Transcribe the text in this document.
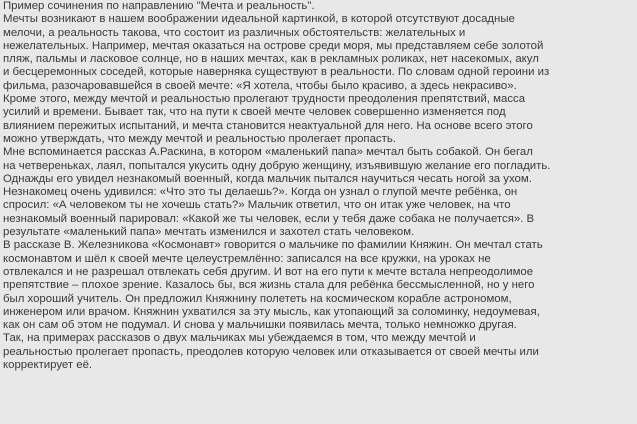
Пример сочинения по направлению "Мечта и реальность".
Мечты возникают в нашем воображении идеальной картинкой, в которой отсутствуют досадные
мелочи, а реальность такова, что состоит из различных обстоятельств: желательных и
нежелательных. Например, мечтая оказаться на острове среди моря, мы представляем себе золотой
пляж, пальмы и ласковое солнце, но в наших мечтах, как в рекламных роликах, нет насекомых, акул
и бесцеремонных соседей, которые наверняка существуют в реальности. По словам одной героини из
фильма, разочаровавшейся в своей мечте: «Я хотела, чтобы было красиво, а здесь некрасиво».
Кроме этого, между мечтой и реальностью пролегают трудности преодоления препятствий, масса
усилий и времени. Бывает так, что на пути к своей мечте человек совершенно изменяется под
влиянием пережитых испытаний, и мечта становится неактуальной для него. На основе всего этого
можно утверждать, что между мечтой и реальностью пролегает пропасть.
Мне вспоминается рассказ А.Раскина, в котором «маленький папа» мечтал быть собакой. Он бегал
на четвереньках, лаял, попытался укусить одну добрую женщину, изъявившую желание его погладить.
Однажды его увидел незнакомый военный, когда мальчик пытался научиться чесать ногой за ухом.
Незнакомец очень удивился: «Что это ты делаешь?». Когда он узнал о глупой мечте ребёнка, он
спросил: «А человеком ты не хочешь стать?» Мальчик ответил, что он итак уже человек, на что
незнакомый военный парировал: «Какой же ты человек, если у тебя даже собака не получается». В
результате «маленький папа» мечтать изменился и захотел стать человеком.
В рассказе В. Железникова «Космонавт» говорится о мальчике по фамилии Княжин. Он мечтал стать
космонавтом и шёл к своей мечте целеустремлённо: записался на все кружки, на уроках не
отвлекался и не разрешал отвлекать себя другим. И вот на его пути к мечте встала непреодолимое
препятствие – плохое зрение. Казалось бы, вся жизнь стала для ребёнка бессмысленной, но у него
был хороший учитель. Он предложил Княжнину полететь на космическом корабле астрономом,
инженером или врачом. Княжнин ухватился за эту мысль, как утопающий за соломинку, недоумевая,
как он сам об этом не подумал. И снова у мальчишки появилась мечта, только немножко другая.
Так, на примерах рассказов о двух мальчиках мы убеждаемся в том, что между мечтой и
реальностью пролегает пропасть, преодолев которую человек или отказывается от своей мечты или
корректирует её.
